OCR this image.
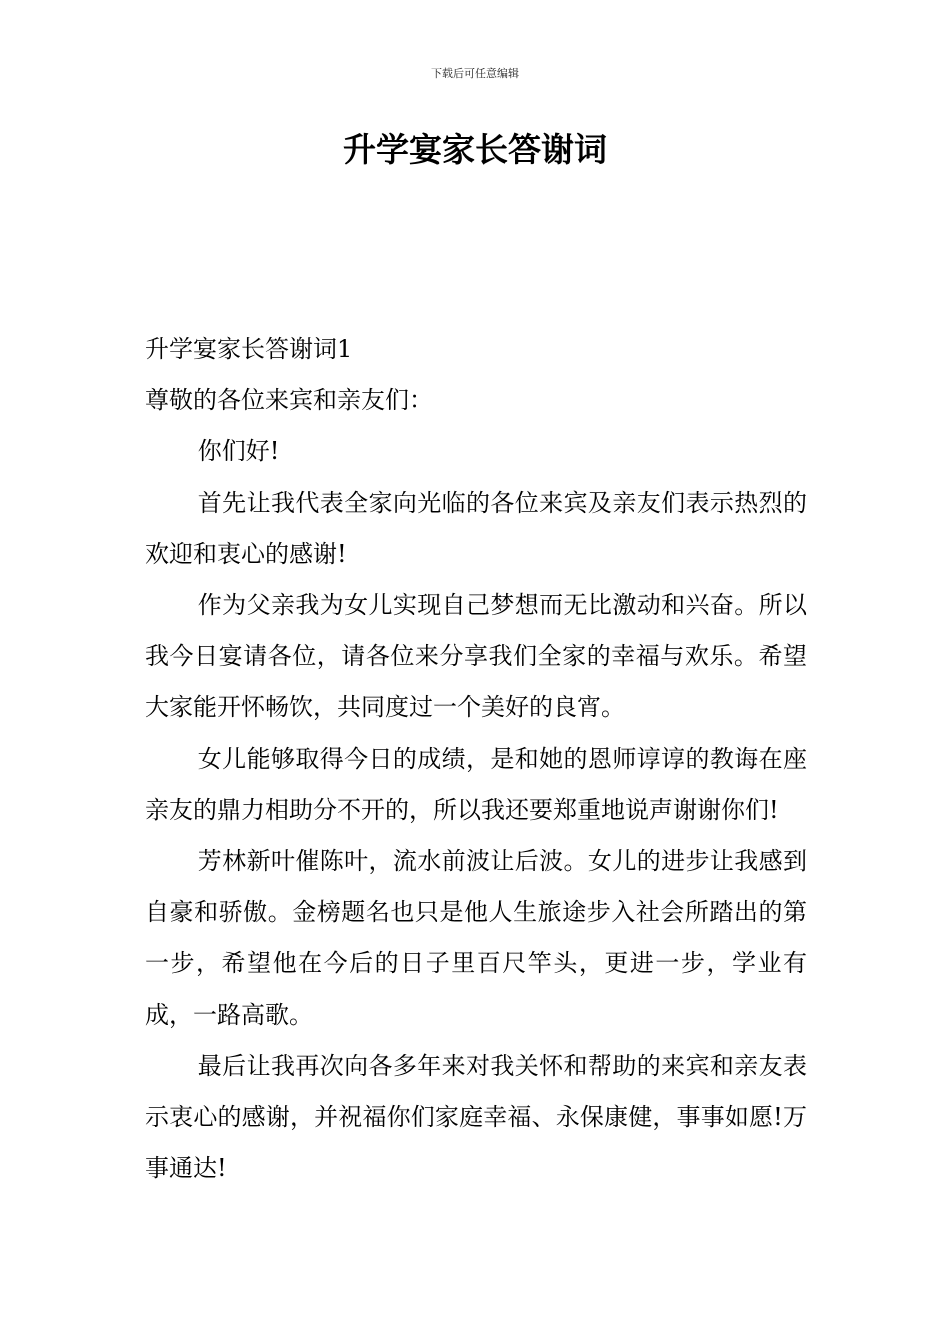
下载后可任意编辑
升学宴家长答谢词

升学宴家长答谢词1

尊敬的各位来宾和亲友们：

你们好!

首先让我代表全家向光临的各位来宾及亲友们表示热烈的欢迎和衷心的感谢!

作为父亲我为女儿实现自己梦想而无比激动和兴奋。所以我今日宴请各位，请各位来分享我们全家的幸福与欢乐。希望大家能开怀畅饮，共同度过一个美好的良宵。

女儿能够取得今日的成绩，是和她的恩师谆谆的教诲在座亲友的鼎力相助分不开的，所以我还要郑重地说声谢谢你们!

芳林新叶催陈叶，流水前波让后波。女儿的进步让我感到自豪和骄傲。金榜题名也只是他人生旅途步入社会所踏出的第一步，希望他在今后的日子里百尺竿头，更进一步，学业有成，一路高歌。

最后让我再次向各多年来对我关怀和帮助的来宾和亲友表示衷心的感谢，并祝福你们家庭幸福、永保康健，事事如愿!万事通达!
